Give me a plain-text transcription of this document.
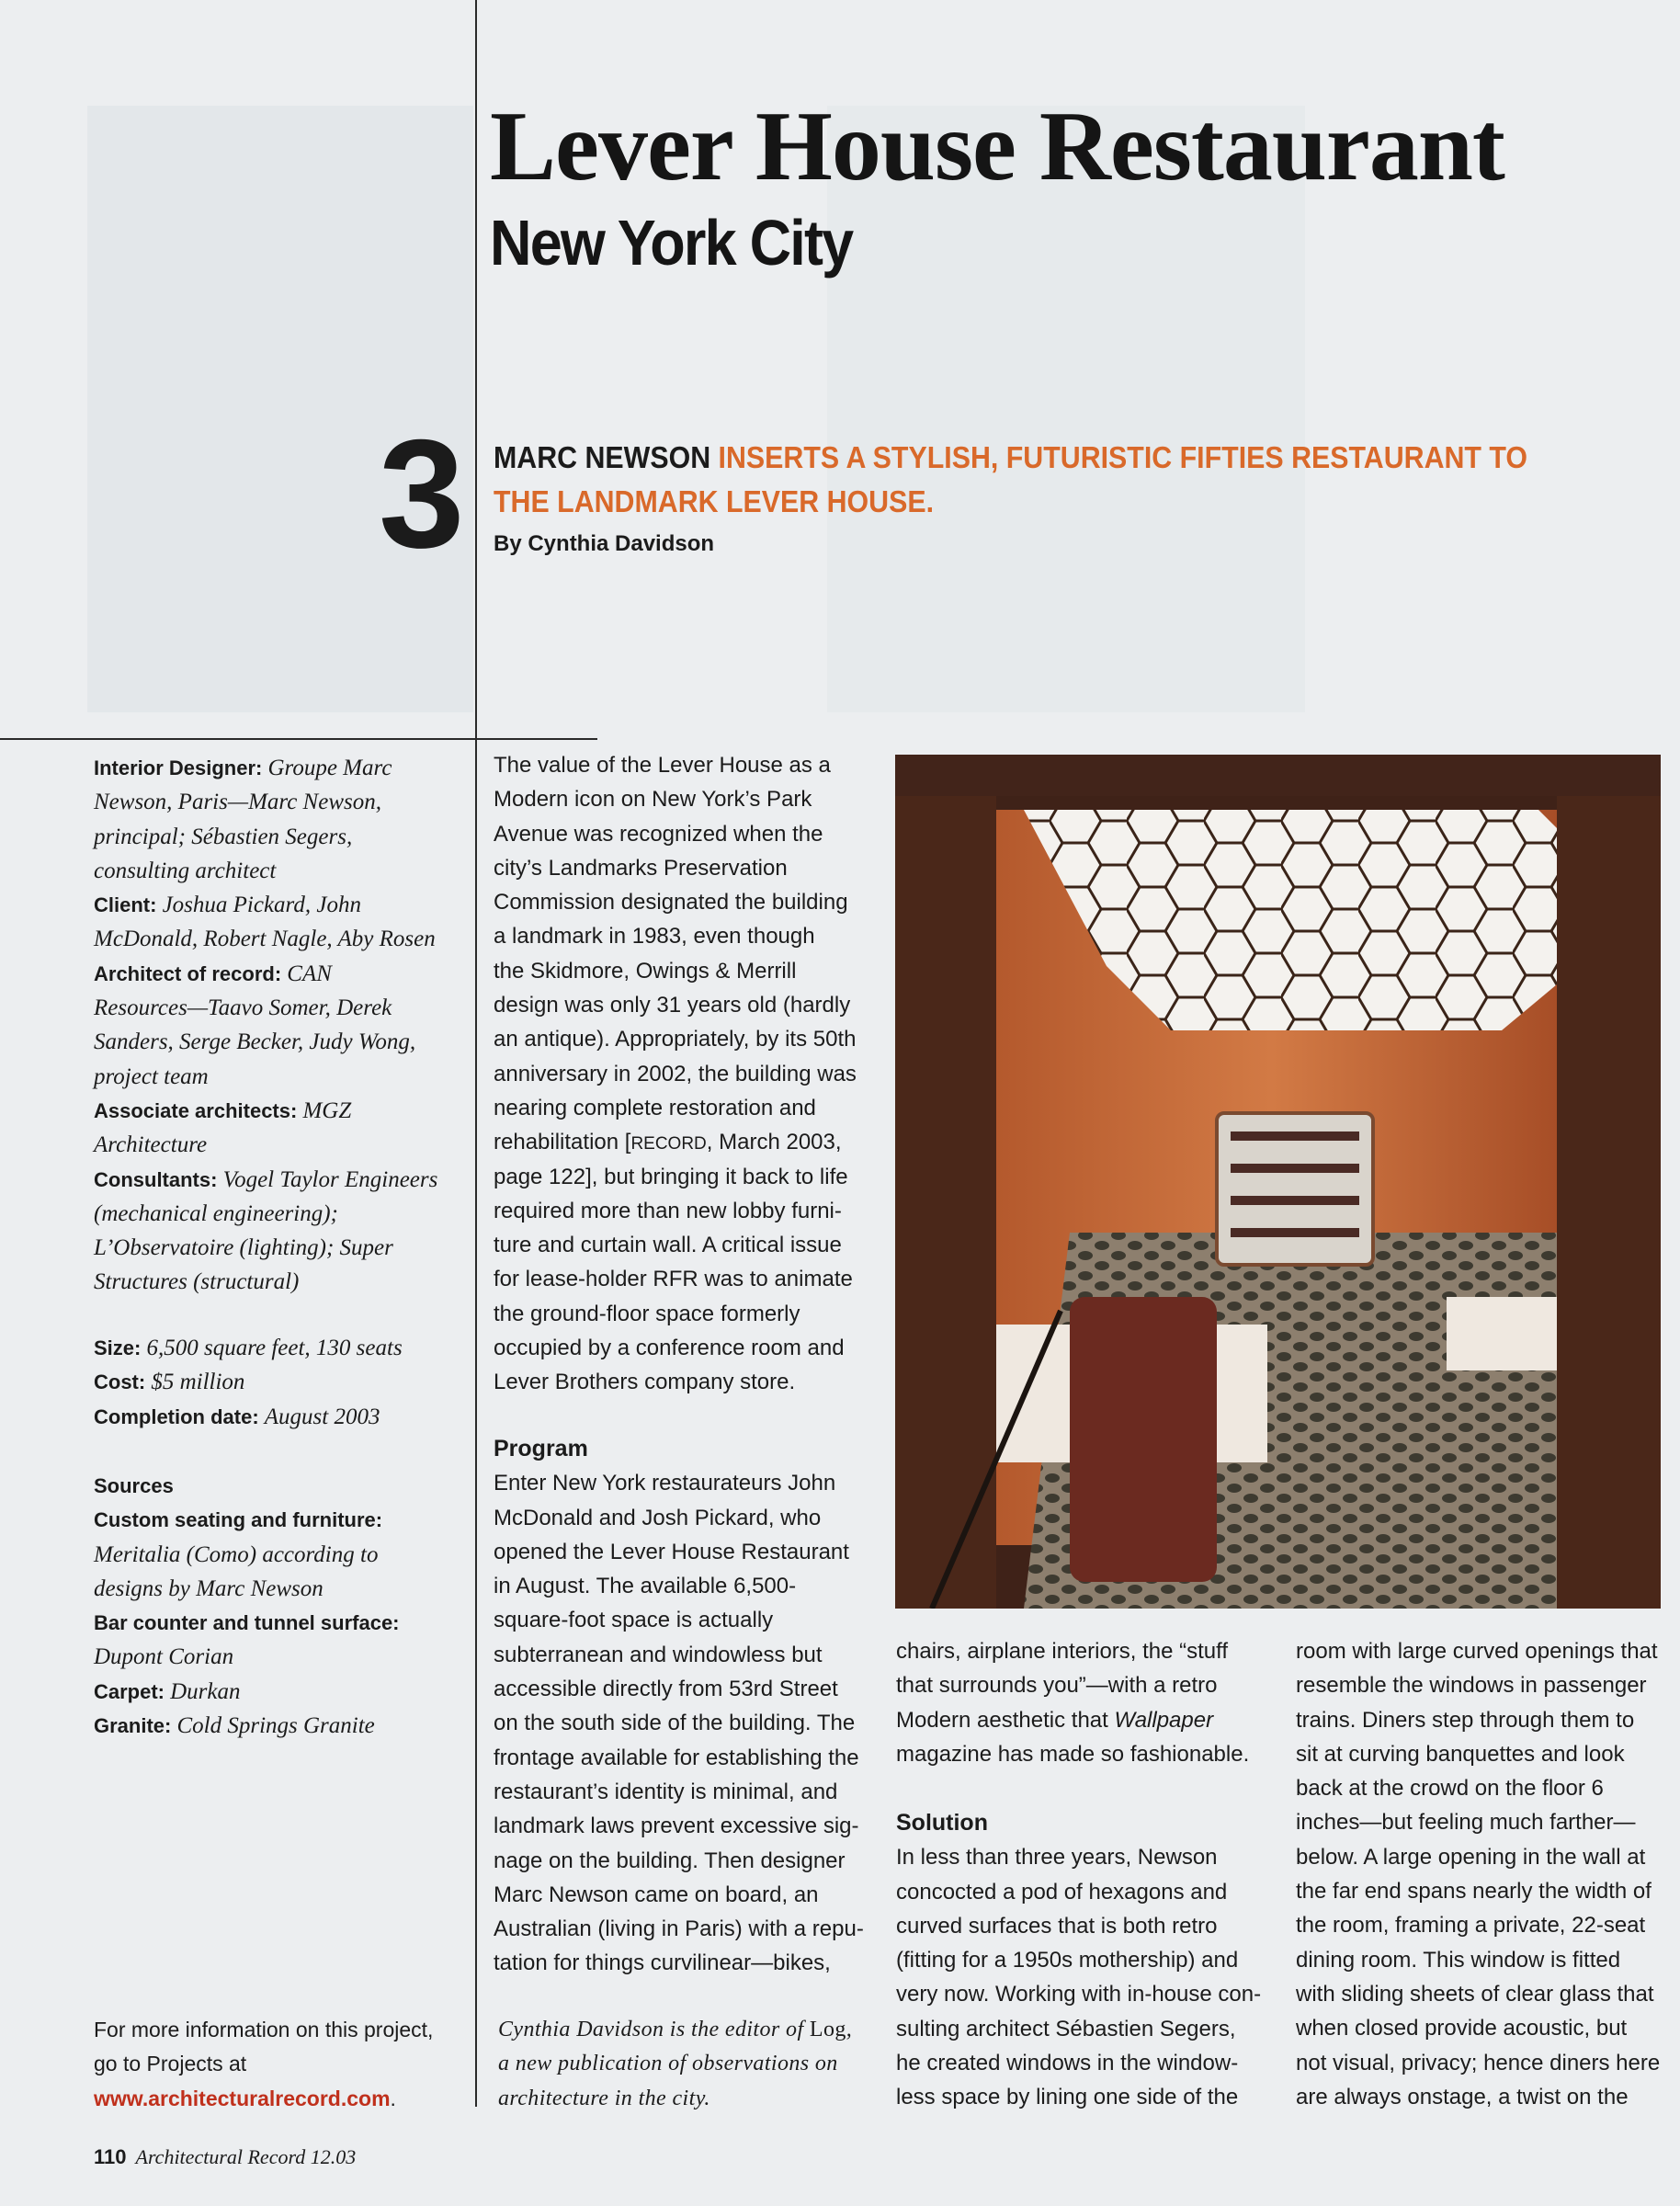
Lever House Restaurant
New York City
3 MARC NEWSON INSERTS A STYLISH, FUTURISTIC FIFTIES RESTAURANT TO
THE LANDMARK LEVER HOUSE.
By Cynthia Davidson
Interior Designer: Groupe Marc
Newson, Paris—Marc Newson,
principal; Sébastien Segers,
consulting architect
Client: Joshua Pickard, John
McDonald, Robert Nagle, Aby Rosen
Architect of record: CAN
Resources—Taavo Somer, Derek
Sanders, Serge Becker, Judy Wong,
project team
Associate architects: MGZ
Architecture
Consultants: Vogel Taylor Engineers
(mechanical engineering);
L’Observatoire (lighting); Super
Structures (structural)
Size: 6,500 square feet, 130 seats
Cost: $5 million
Completion date: August 2003
Sources
Custom seating and furniture:
Meritalia (Como) according to
designs by Marc Newson
Bar counter and tunnel surface:
Dupont Corian
Carpet: Durkan
Granite: Cold Springs Granite
For more information on this project,
go to Projects at
www.architecturalrecord.com.
The value of the Lever House as a
Modern icon on New York’s Park
Avenue was recognized when the
city’s Landmarks Preservation
Commission designated the building
a landmark in 1983, even though
the Skidmore, Owings & Merrill
design was only 31 years old (hardly
an antique). Appropriately, by its 50th
anniversary in 2002, the building was
nearing complete restoration and
rehabilitation [RECORD, March 2003,
page 122], but bringing it back to life
required more than new lobby furni-
ture and curtain wall. A critical issue
for lease-holder RFR was to animate
the ground-floor space formerly
occupied by a conference room and
Lever Brothers company store.
Program
Enter New York restaurateurs John
McDonald and Josh Pickard, who
opened the Lever House Restaurant
in August. The available 6,500-
square-foot space is actually
subterranean and windowless but
accessible directly from 53rd Street
on the south side of the building. The
frontage available for establishing the
restaurant’s identity is minimal, and
landmark laws prevent excessive sig-
nage on the building. Then designer
Marc Newson came on board, an
Australian (living in Paris) with a repu-
tation for things curvilinear—bikes,
Cynthia Davidson is the editor of Log,
a new publication of observations on
architecture in the city.
chairs, airplane interiors, the “stuff
that surrounds you”—with a retro
Modern aesthetic that Wallpaper
magazine has made so fashionable.
Solution
In less than three years, Newson
concocted a pod of hexagons and
curved surfaces that is both retro
(fitting for a 1950s mothership) and
very now. Working with in-house con-
sulting architect Sébastien Segers,
he created windows in the window-
less space by lining one side of the
room with large curved openings that
resemble the windows in passenger
trains. Diners step through them to
sit at curving banquettes and look
back at the crowd on the floor 6
inches—but feeling much farther—
below. A large opening in the wall at
the far end spans nearly the width of
the room, framing a private, 22-seat
dining room. This window is fitted
with sliding sheets of clear glass that
when closed provide acoustic, but
not visual, privacy; hence diners here
are always onstage, a twist on the
110 Architectural Record 12.03
